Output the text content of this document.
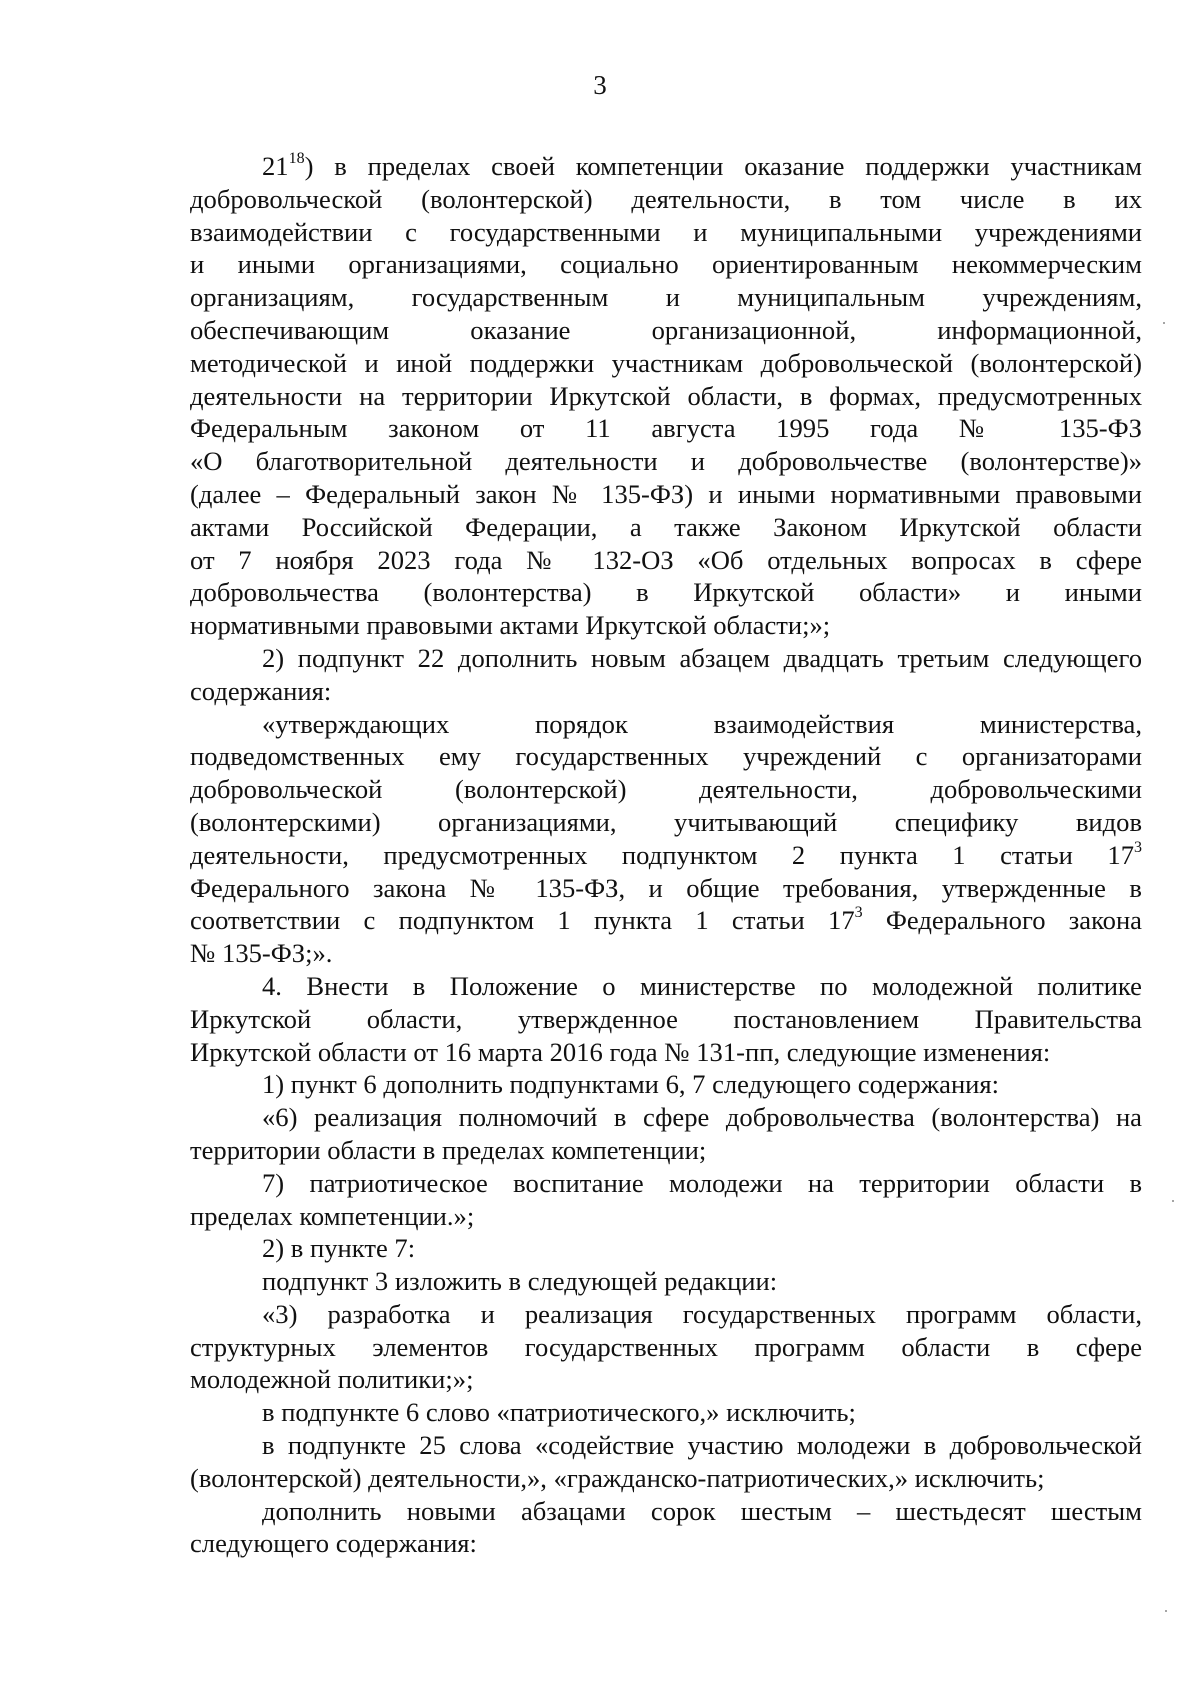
3
$21^{18}$) в пределах своей компетенции оказание поддержки участникам
добровольческой (волонтерской) деятельности, в том числе в их
взаимодействии с государственными и муниципальными учреждениями
и иными организациями, социально ориентированным некоммерческим
организациям, государственным и муниципальным учреждениям,
обеспечивающим оказание организационной, информационной,
методической и иной поддержки участникам добровольческой (волонтерской)
деятельности на территории Иркутской области, в формах, предусмотренных
Федеральным законом от 11 августа 1995 года № 135-ФЗ
«О благотворительной деятельности и добровольчестве (волонтерстве)»
(далее – Федеральный закон № 135-ФЗ) и иными нормативными правовыми
актами Российской Федерации, а также Законом Иркутской области
от 7 ноября 2023 года № 132-ОЗ «Об отдельных вопросах в сфере
добровольчества (волонтерства) в Иркутской области» и иными
нормативными правовыми актами Иркутской области;»;
2) подпункт 22 дополнить новым абзацем двадцать третьим следующего
содержания:
«утверждающих порядок взаимодействия министерства,
подведомственных ему государственных учреждений с организаторами
добровольческой (волонтерской) деятельности, добровольческими
(волонтерскими) организациями, учитывающий специфику видов
деятельности, предусмотренных подпунктом 2 пункта 1 статьи $17^3$
Федерального закона № 135-ФЗ, и общие требования, утвержденные в
соответствии с подпунктом 1 пункта 1 статьи $17^3$ Федерального закона
№ 135-ФЗ;».
4. Внести в Положение о министерстве по молодежной политике
Иркутской области, утвержденное постановлением Правительства
Иркутской области от 16 марта 2016 года № 131-пп, следующие изменения:
1) пункт 6 дополнить подпунктами 6, 7 следующего содержания:
«6) реализация полномочий в сфере добровольчества (волонтерства) на
территории области в пределах компетенции;
7) патриотическое воспитание молодежи на территории области в
пределах компетенции.»;
2) в пункте 7:
подпункт 3 изложить в следующей редакции:
«3) разработка и реализация государственных программ области,
структурных элементов государственных программ области в сфере
молодежной политики;»;
в подпункте 6 слово «патриотического,» исключить;
в подпункте 25 слова «содействие участию молодежи в добровольческой
(волонтерской) деятельности,», «гражданско-патриотических,» исключить;
дополнить новыми абзацами сорок шестым – шестьдесят шестым
следующего содержания:
